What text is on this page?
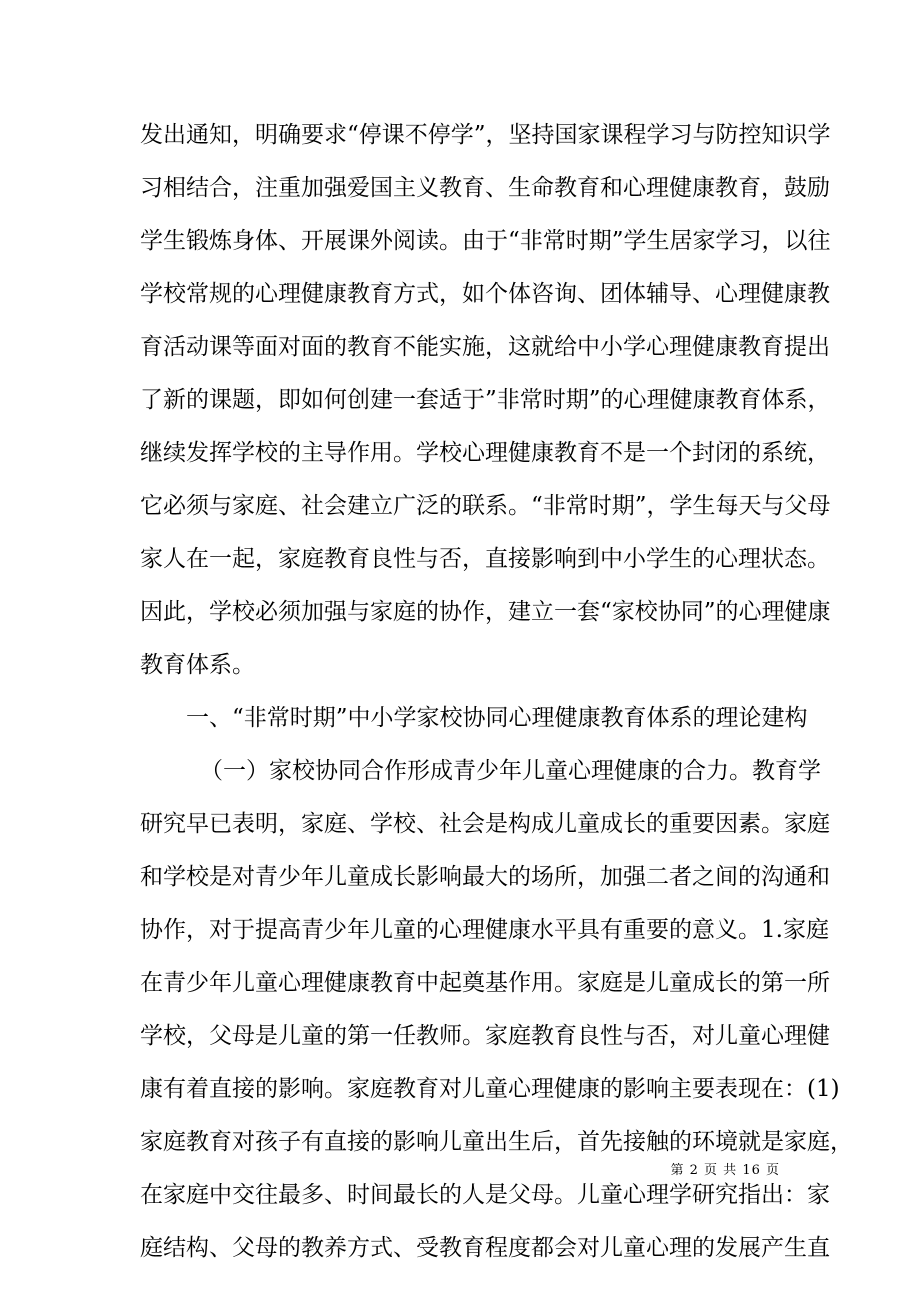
发出通知，明确要求“停课不停学”，坚持国家课程学习与防控知识学
习相结合，注重加强爱国主义教育、生命教育和心理健康教育，鼓励
学生锻炼身体、开展课外阅读。由于“非常时期”学生居家学习，以往
学校常规的心理健康教育方式，如个体咨询、团体辅导、心理健康教
育活动课等面对面的教育不能实施，这就给中小学心理健康教育提出
了新的课题，即如何创建一套适于”非常时期”的心理健康教育体系，
继续发挥学校的主导作用。学校心理健康教育不是一个封闭的系统，
它必须与家庭、社会建立广泛的联系。“非常时期”，学生每天与父母
家人在一起，家庭教育良性与否，直接影响到中小学生的心理状态。
因此，学校必须加强与家庭的协作，建立一套“家校协同”的心理健康
教育体系。
一、“非常时期”中小学家校协同心理健康教育体系的理论建构
（一）家校协同合作形成青少年儿童心理健康的合力。教育学
研究早已表明，家庭、学校、社会是构成儿童成长的重要因素。家庭
和学校是对青少年儿童成长影响最大的场所，加强二者之间的沟通和
协作，对于提高青少年儿童的心理健康水平具有重要的意义。1.家庭
在青少年儿童心理健康教育中起奠基作用。家庭是儿童成长的第一所
学校，父母是儿童的第一任教师。家庭教育良性与否，对儿童心理健
康有着直接的影响。家庭教育对儿童心理健康的影响主要表现在：(1)
家庭教育对孩子有直接的影响儿童出生后，首先接触的环境就是家庭，
在家庭中交往最多、时间最长的人是父母。儿童心理学研究指出：家
庭结构、父母的教养方式、受教育程度都会对儿童心理的发展产生直
第 2 页 共 16 页
